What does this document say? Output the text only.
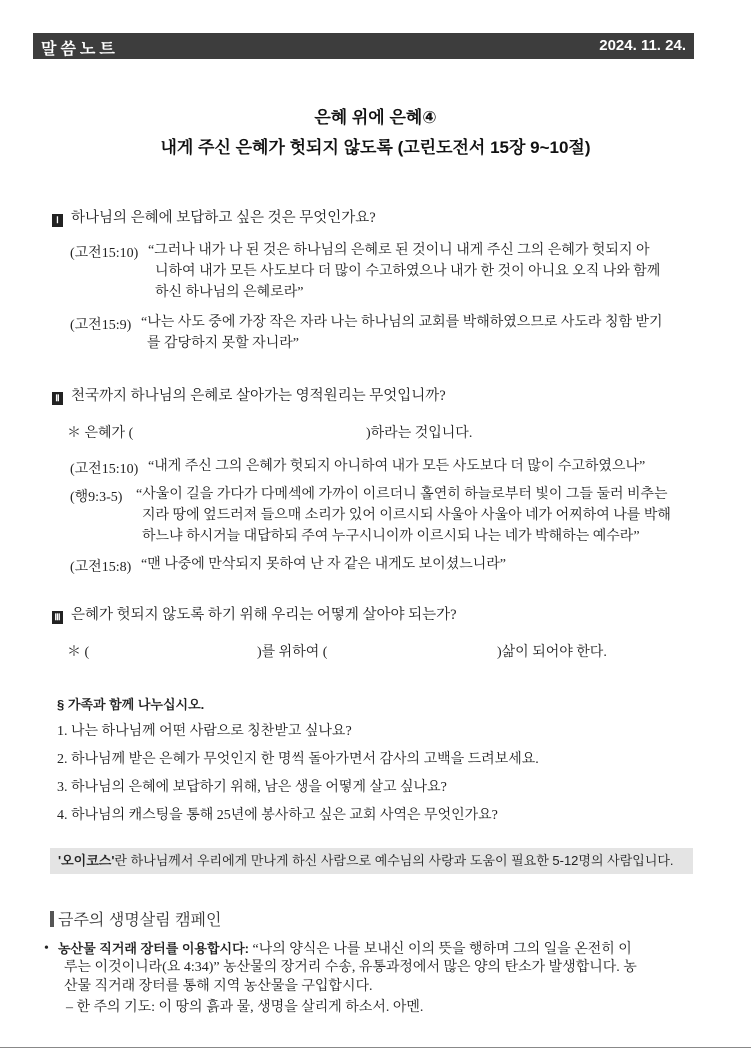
말씀노트	2024. 11. 24.
은혜 위에 은혜④
내게 주신 은혜가 헛되지 않도록 (고린도전서 15장 9~10절)
Ⅰ 하나님의 은혜에 보답하고 싶은 것은 무엇인가요?
(고전15:10) “그러나 내가 나 된 것은 하나님의 은혜로 된 것이니 내게 주신 그의 은혜가 헛되지 아
니하여 내가 모든 사도보다 더 많이 수고하였으나 내가 한 것이 아니요 오직 나와 함께
하신 하나님의 은혜로라”
(고전15:9) “나는 사도 중에 가장 작은 자라 나는 하나님의 교회를 박해하였으므로 사도라 칭함 받기
를 감당하지 못할 자니라”
Ⅱ 천국까지 하나님의 은혜로 살아가는 영적원리는 무엇입니까?
＊ 은혜가 (	)하라는 것입니다.
(고전15:10) “내게 주신 그의 은혜가 헛되지 아니하여 내가 모든 사도보다 더 많이 수고하였으나”
(행9:3-5) “사울이 길을 가다가 다메섹에 가까이 이르더니 홀연히 하늘로부터 빛이 그들 둘러 비추는
지라 땅에 엎드러져 들으매 소리가 있어 이르시되 사울아 사울아 네가 어찌하여 나를 박해
하느냐 하시거늘 대답하되 주여 누구시니이까 이르시되 나는 네가 박해하는 예수라”
(고전15:8) “맨 나중에 만삭되지 못하여 난 자 같은 내게도 보이셨느니라”
Ⅲ 은혜가 헛되지 않도록 하기 위해 우리는 어떻게 살아야 되는가?
＊ (	)를 위하여 (	)삶이 되어야 한다.
§ 가족과 함께 나누십시오.
1. 나는 하나님께 어떤 사람으로 칭찬받고 싶나요?
2. 하나님께 받은 은혜가 무엇인지 한 명씩 돌아가면서 감사의 고백을 드려보세요.
3. 하나님의 은혜에 보답하기 위해, 남은 생을 어떻게 살고 싶나요?
4. 하나님의 캐스팅을 통해 25년에 봉사하고 싶은 교회 사역은 무엇인가요?
'오이코스'란 하나님께서 우리에게 만나게 하신 사람으로 예수님의 사랑과 도움이 필요한 5-12명의 사람입니다.
금주의 생명살림 캠페인
• 농산물 직거래 장터를 이용합시다: “나의 양식은 나를 보내신 이의 뜻을 행하며 그의 일을 온전히 이
루는 이것이니라(요 4:34)” 농산물의 장거리 수송, 유통과정에서 많은 양의 탄소가 발생합니다. 농
산물 직거래 장터를 통해 지역 농산물을 구입합시다.
– 한 주의 기도: 이 땅의 흙과 물, 생명을 살리게 하소서. 아멘.
